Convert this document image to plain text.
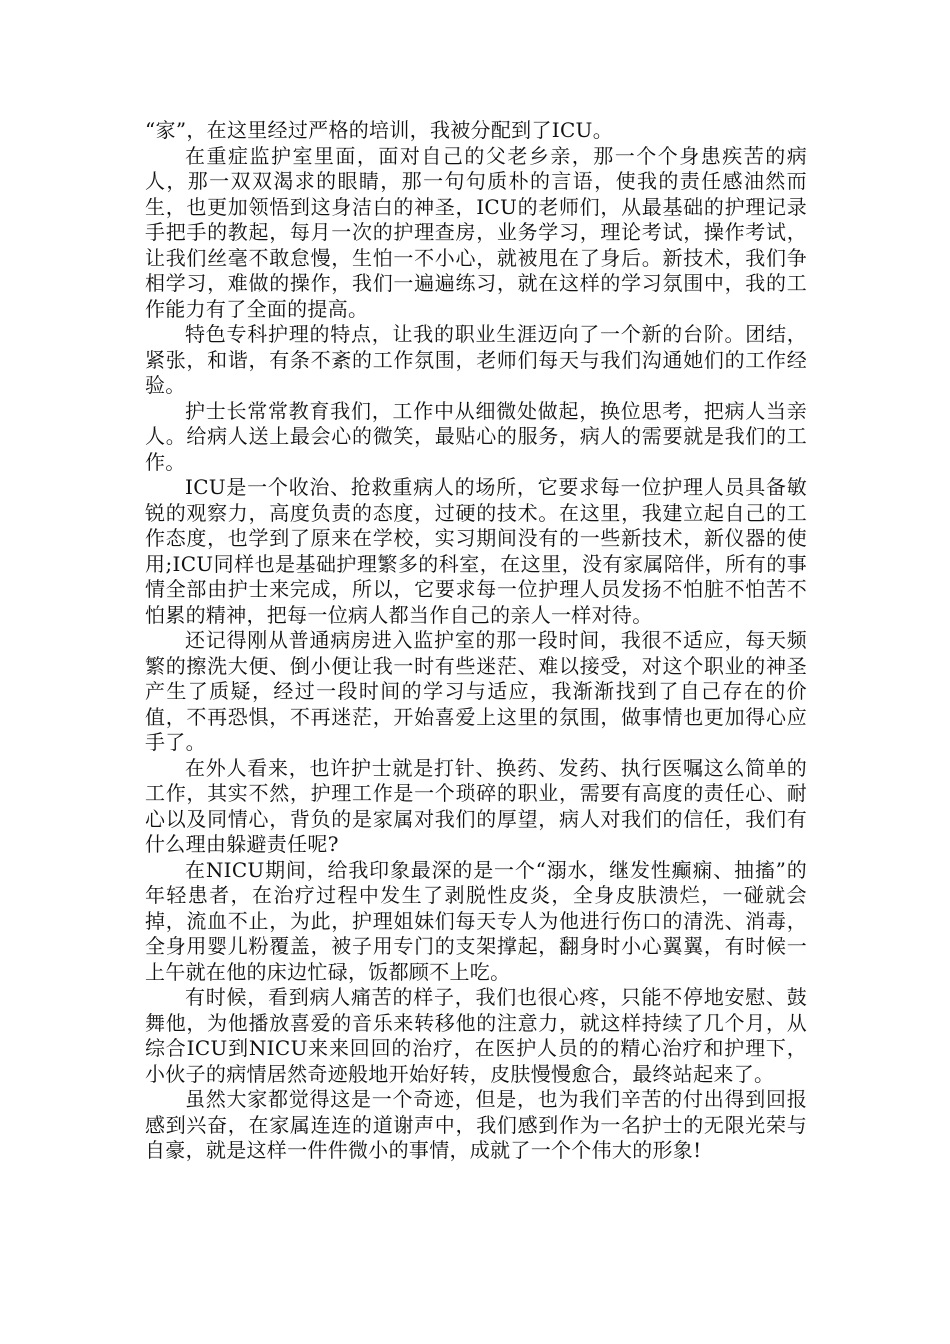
“家”，在这里经过严格的培训，我被分配到了ICU。

在重症监护室里面，面对自己的父老乡亲，那一个个身患疾苦的病人，那一双双渴求的眼睛，那一句句质朴的言语，使我的责任感油然而生，也更加领悟到这身洁白的神圣，ICU的老师们，从最基础的护理记录手把手的教起，每月一次的护理查房，业务学习，理论考试，操作考试，让我们丝毫不敢怠慢，生怕一不小心，就被甩在了身后。新技术，我们争相学习，难做的操作，我们一遍遍练习，就在这样的学习氛围中，我的工作能力有了全面的提高。

特色专科护理的特点，让我的职业生涯迈向了一个新的台阶。团结，紧张，和谐，有条不紊的工作氛围，老师们每天与我们沟通她们的工作经验。

护士长常常教育我们，工作中从细微处做起，换位思考，把病人当亲人。给病人送上最会心的微笑，最贴心的服务，病人的需要就是我们的工作。

ICU是一个收治、抢救重病人的场所，它要求每一位护理人员具备敏锐的观察力，高度负责的态度，过硬的技术。在这里，我建立起自己的工作态度，也学到了原来在学校，实习期间没有的一些新技术，新仪器的使用;ICU同样也是基础护理繁多的科室，在这里，没有家属陪伴，所有的事情全部由护士来完成，所以，它要求每一位护理人员发扬不怕脏不怕苦不怕累的精神，把每一位病人都当作自己的亲人一样对待。

还记得刚从普通病房进入监护室的那一段时间，我很不适应，每天频繁的擦洗大便、倒小便让我一时有些迷茫、难以接受，对这个职业的神圣产生了质疑，经过一段时间的学习与适应，我渐渐找到了自己存在的价值，不再恐惧，不再迷茫，开始喜爱上这里的氛围，做事情也更加得心应手了。

在外人看来，也许护士就是打针、换药、发药、执行医嘱这么简单的工作，其实不然，护理工作是一个琐碎的职业，需要有高度的责任心、耐心以及同情心，背负的是家属对我们的厚望，病人对我们的信任，我们有什么理由躲避责任呢?

在NICU期间，给我印象最深的是一个“溺水，继发性癫痫、抽搐”的年轻患者，在治疗过程中发生了剥脱性皮炎，全身皮肤溃烂，一碰就会掉，流血不止，为此，护理姐妹们每天专人为他进行伤口的清洗、消毒，全身用婴儿粉覆盖，被子用专门的支架撑起，翻身时小心翼翼，有时候一上午就在他的床边忙碌，饭都顾不上吃。

有时候，看到病人痛苦的样子，我们也很心疼，只能不停地安慰、鼓舞他，为他播放喜爱的音乐来转移他的注意力，就这样持续了几个月，从综合ICU到NICU来来回回的治疗，在医护人员的的精心治疗和护理下，小伙子的病情居然奇迹般地开始好转，皮肤慢慢愈合，最终站起来了。

虽然大家都觉得这是一个奇迹，但是，也为我们辛苦的付出得到回报感到兴奋，在家属连连的道谢声中，我们感到作为一名护士的无限光荣与自豪，就是这样一件件微小的事情，成就了一个个伟大的形象!
